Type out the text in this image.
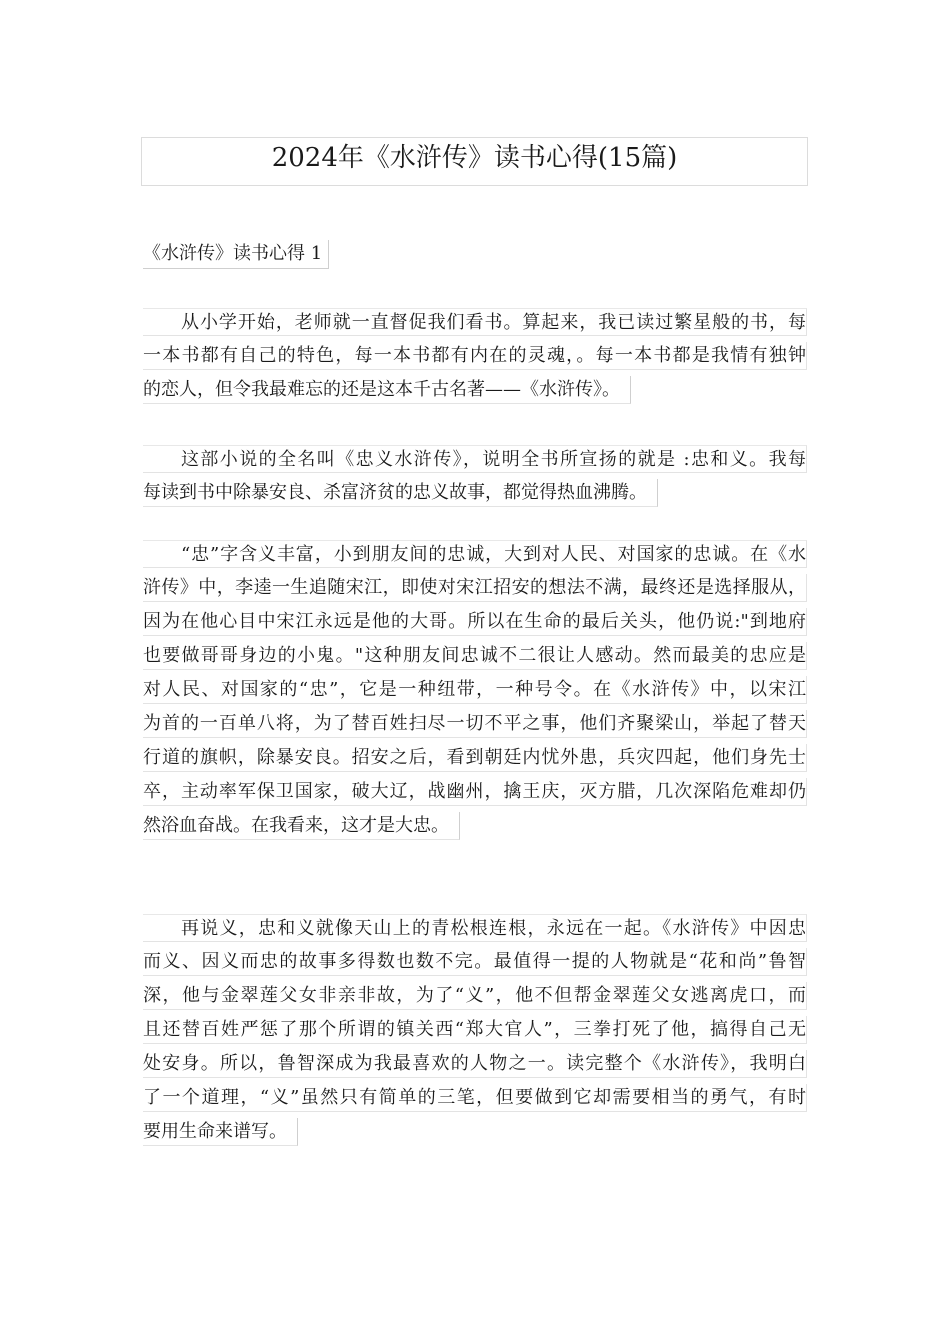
2024年《水浒传》读书心得(15篇)
《水浒传》读书心得 1
从小学开始，老师就一直督促我们看书。算起来，我已读过繁星般的书，每
一本书都有自己的特色，每一本书都有内在的灵魂，。每一本书都是我情有独钟
的恋人，但令我最难忘的还是这本千古名著——《水浒传》。
这部小说的全名叫《忠义水浒传》，说明全书所宣扬的就是 :忠和义。我每
每读到书中除暴安良、杀富济贫的忠义故事，都觉得热血沸腾。
“忠”字含义丰富，小到朋友间的忠诚，大到对人民、对国家的忠诚。在《水
浒传》中，李逵一生追随宋江，即使对宋江招安的想法不满，最终还是选择服从，
因为在他心目中宋江永远是他的大哥。所以在生命的最后关头，他仍说:"到地府
也要做哥哥身边的小鬼。"这种朋友间忠诚不二很让人感动。然而最美的忠应是
对人民、对国家的“忠”，它是一种纽带，一种号令。在《水浒传》中，以宋江
为首的一百单八将，为了替百姓扫尽一切不平之事，他们齐聚梁山，举起了替天
行道的旗帜，除暴安良。招安之后，看到朝廷内忧外患，兵灾四起，他们身先士
卒，主动率军保卫国家，破大辽，战幽州，擒王庆，灭方腊，几次深陷危难却仍
然浴血奋战。在我看来，这才是大忠。
再说义，忠和义就像天山上的青松根连根，永远在一起。《水浒传》中因忠
而义、因义而忠的故事多得数也数不完。最值得一提的人物就是“花和尚”鲁智
深，他与金翠莲父女非亲非故，为了“义”，他不但帮金翠莲父女逃离虎口，而
且还替百姓严惩了那个所谓的镇关西“郑大官人”，三拳打死了他，搞得自己无
处安身。所以，鲁智深成为我最喜欢的人物之一。读完整个《水浒传》，我明白
了一个道理，“义”虽然只有简单的三笔，但要做到它却需要相当的勇气，有时
要用生命来谱写。
